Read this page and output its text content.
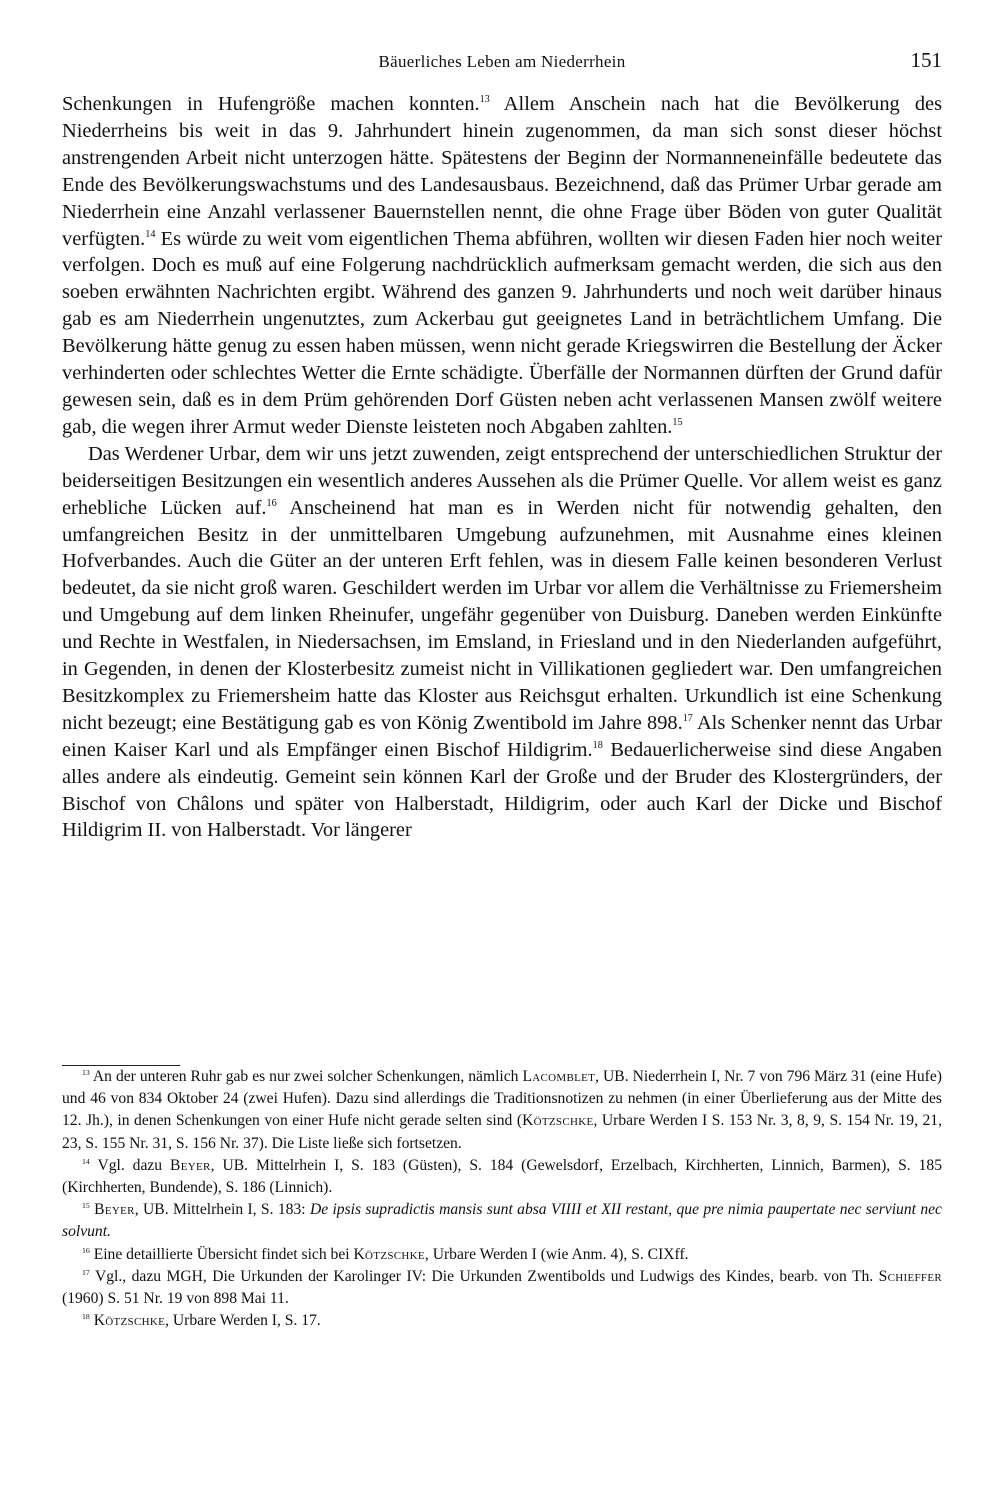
Bäuerliches Leben am Niederrhein	151

Schenkungen in Hufengröße machen konnten.$^{13}$ Allem Anschein nach hat die Bevölkerung des Niederrheins bis weit in das 9. Jahrhundert hinein zugenommen, da man sich sonst dieser höchst anstrengenden Arbeit nicht unterzogen hätte. Spätestens der Beginn der Normanneneinfälle bedeutete das Ende des Bevölkerungswachstums und des Landesausbaus. Bezeichnend, daß das Prümer Urbar gerade am Niederrhein eine Anzahl verlassener Bauernstellen nennt, die ohne Frage über Böden von guter Qualität verfügten.$^{14}$ Es würde zu weit vom eigentlichen Thema abführen, wollten wir diesen Faden hier noch weiter verfolgen. Doch es muß auf eine Folgerung nachdrücklich aufmerksam gemacht werden, die sich aus den soeben erwähnten Nachrichten ergibt. Während des ganzen 9. Jahrhunderts und noch weit darüber hinaus gab es am Niederrhein ungenutztes, zum Ackerbau gut geeignetes Land in beträchtlichem Umfang. Die Bevölkerung hätte genug zu essen haben müssen, wenn nicht gerade Kriegswirren die Bestellung der Äcker verhinderten oder schlechtes Wetter die Ernte schädigte. Überfälle der Normannen dürften der Grund dafür gewesen sein, daß es in dem Prüm gehörenden Dorf Güsten neben acht verlassenen Mansen zwölf weitere gab, die wegen ihrer Armut weder Dienste leisteten noch Abgaben zahlten.$^{15}$

Das Werdener Urbar, dem wir uns jetzt zuwenden, zeigt entsprechend der unterschiedlichen Struktur der beiderseitigen Besitzungen ein wesentlich anderes Aussehen als die Prümer Quelle. Vor allem weist es ganz erhebliche Lücken auf.$^{16}$ Anscheinend hat man es in Werden nicht für notwendig gehalten, den umfangreichen Besitz in der unmittelbaren Umgebung aufzunehmen, mit Ausnahme eines kleinen Hofverbandes. Auch die Güter an der unteren Erft fehlen, was in diesem Falle keinen besonderen Verlust bedeutet, da sie nicht groß waren. Geschildert werden im Urbar vor allem die Verhältnisse zu Friemersheim und Umgebung auf dem linken Rheinufer, ungefähr gegenüber von Duisburg. Daneben werden Einkünfte und Rechte in Westfalen, in Niedersachsen, im Emsland, in Friesland und in den Niederlanden aufgeführt, in Gegenden, in denen der Klosterbesitz zumeist nicht in Villikationen gegliedert war. Den umfangreichen Besitzkomplex zu Friemersheim hatte das Kloster aus Reichsgut erhalten. Urkundlich ist eine Schenkung nicht bezeugt; eine Bestätigung gab es von König Zwentibold im Jahre 898.17 Als Schenker nennt das Urbar einen Kaiser Karl und als Empfänger einen Bischof Hildigrim.$^{18}$ Bedauerlicherweise sind diese Angaben alles andere als eindeutig. Gemeint sein können Karl der Große und der Bruder des Klostergründers, der Bischof von Châlons und später von Halberstadt, Hildigrim, oder auch Karl der Dicke und Bischof Hildigrim II. von Halberstadt. Vor längerer

$^{13}$ An der unteren Ruhr gab es nur zwei solcher Schenkungen, nämlich Lacomblet, UB. Niederrhein I, Nr. 7 von 796 März 31 (eine Hufe) und 46 von 834 Oktober 24 (zwei Hufen). Dazu sind allerdings die Traditionsnotizen zu nehmen (in einer Überlieferung aus der Mitte des 12. Jh.), in denen Schenkungen von einer Hufe nicht gerade selten sind (Kötzschke, Urbare Werden I S. 153 Nr. 3, 8, 9, S. 154 Nr. 19, 21, 23, S. 155 Nr. 31, S. 156 Nr. 37). Die Liste ließe sich fortsetzen.

$^{14}$ Vgl. dazu Beyer, UB. Mittelrhein I, S. 183 (Güsten), S. 184 (Gewelsdorf, Erzelbach, Kirchherten, Linnich, Barmen), S. 185 (Kirchherten, Bundende), S. 186 (Linnich).

$^{15}$ Beyer, UB. Mittelrhein I, S. 183: De ipsis supradictis mansis sunt absa VIIII et XII restant, que pre nimia paupertate nec serviunt nec solvunt.

$^{16}$ Eine detaillierte Übersicht findet sich bei Kötzschke, Urbare Werden I (wie Anm. 4), S. CIXff.

$^{17}$ Vgl., dazu MGH, Die Urkunden der Karolinger IV: Die Urkunden Zwentibolds und Ludwigs des Kindes, bearb. von Th. Schieffer (1960) S. 51 Nr. 19 von 898 Mai 11.

$^{18}$ Kötzschke, Urbare Werden I, S. 17.
